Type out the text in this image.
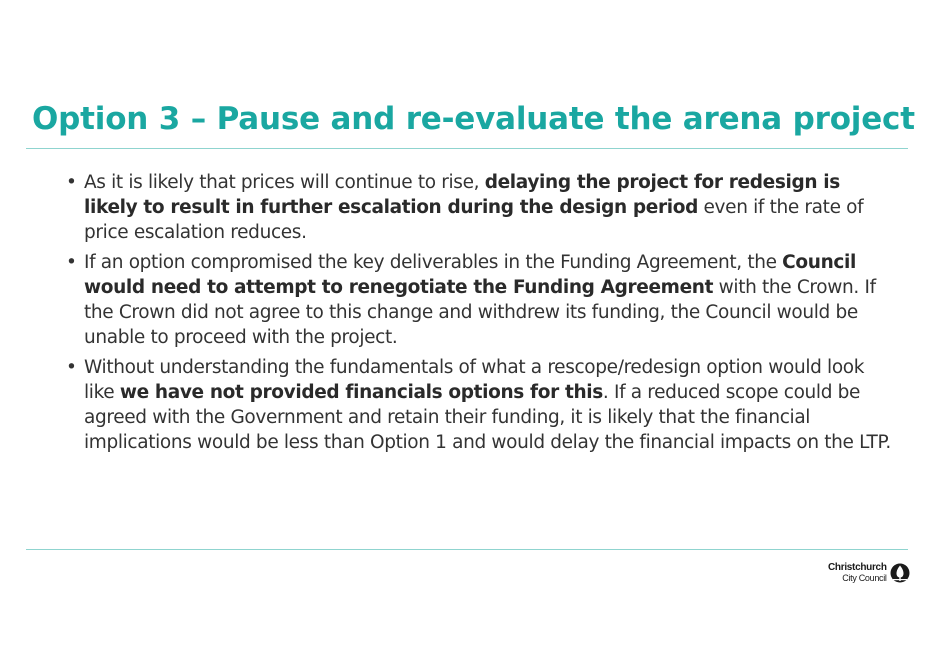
Option 3 – Pause and re-evaluate the arena project
• As it is likely that prices will continue to rise, delaying the project for redesign is likely to result in further escalation during the design period even if the rate of price escalation reduces.
• If an option compromised the key deliverables in the Funding Agreement, the Council would need to attempt to renegotiate the Funding Agreement with the Crown. If the Crown did not agree to this change and withdrew its funding, the Council would be unable to proceed with the project.
• Without understanding the fundamentals of what a rescope/redesign option would look like we have not provided financials options for this. If a reduced scope could be agreed with the Government and retain their funding, it is likely that the financial implications would be less than Option 1 and would delay the financial impacts on the LTP.
Christchurch
City Council
